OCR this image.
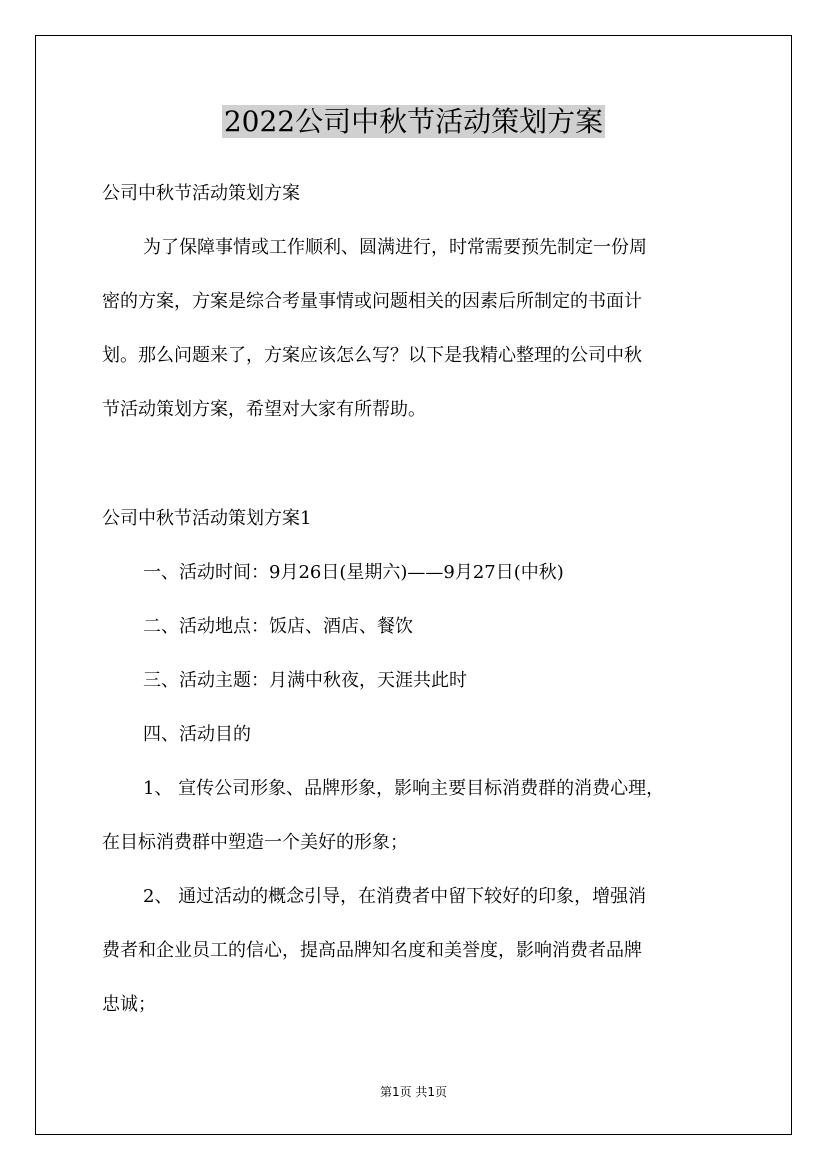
2022公司中秋节活动策划方案
公司中秋节活动策划方案
为了保障事情或工作顺利、圆满进行，时常需要预先制定一份周
密的方案，方案是综合考量事情或问题相关的因素后所制定的书面计
划。那么问题来了，方案应该怎么写？以下是我精心整理的公司中秋
节活动策划方案，希望对大家有所帮助。
公司中秋节活动策划方案1
一、活动时间：9月26日(星期六)——9月27日(中秋)
二、活动地点：饭店、酒店、餐饮
三、活动主题：月满中秋夜，天涯共此时
四、活动目的
1、 宣传公司形象、品牌形象，影响主要目标消费群的消费心理，
在目标消费群中塑造一个美好的形象；
2、 通过活动的概念引导，在消费者中留下较好的印象，增强消
费者和企业员工的信心，提高品牌知名度和美誉度，影响消费者品牌
忠诚；
第1页 共1页
